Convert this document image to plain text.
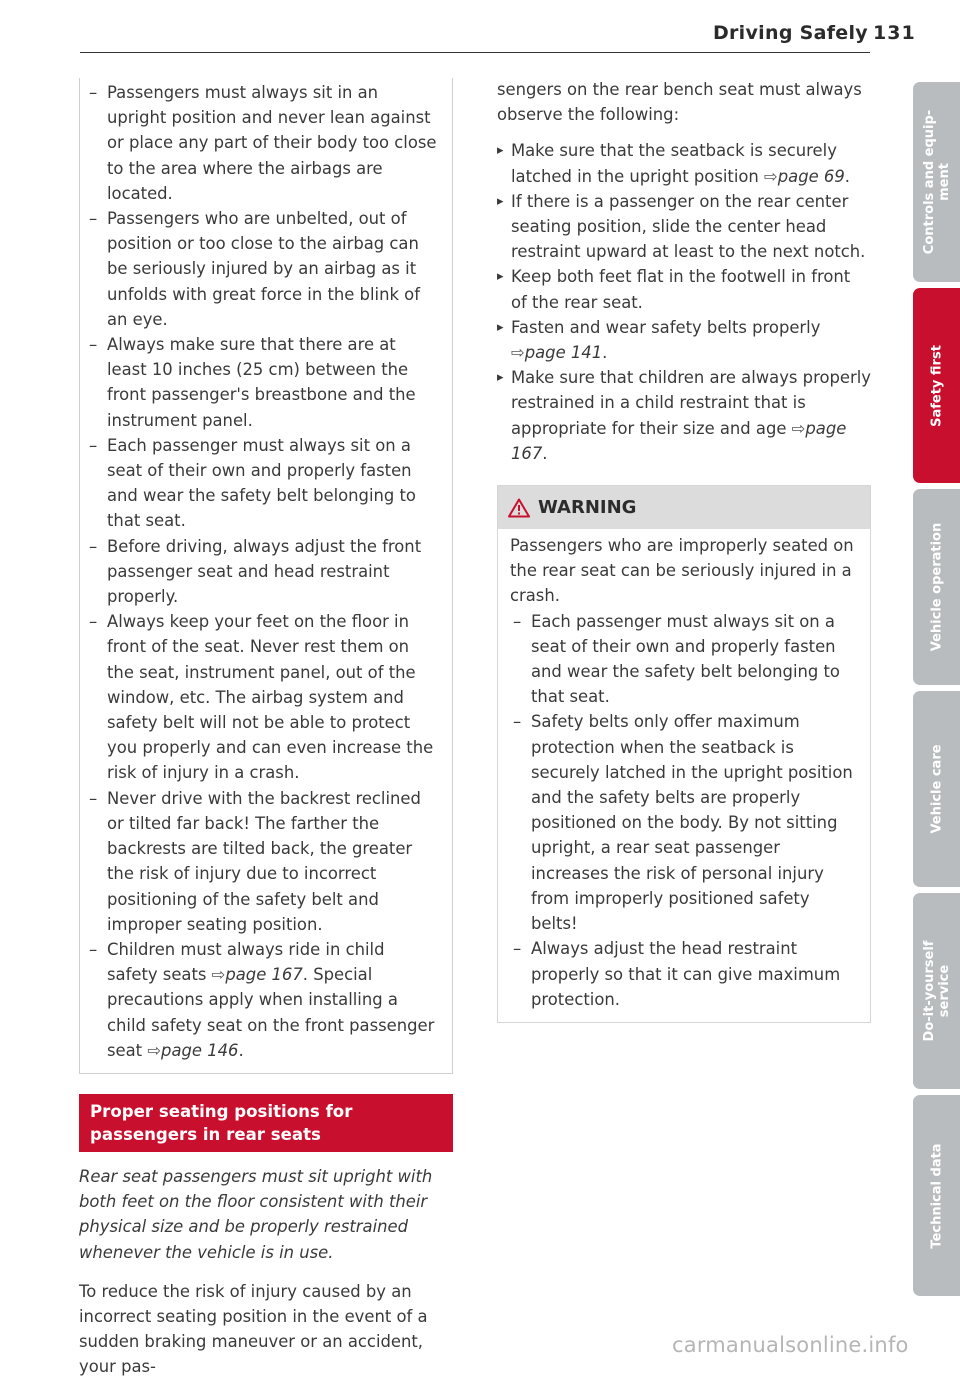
Driving Safely 131
– Passengers must always sit in an upright position and never lean against or place any part of their body too close to the area where the airbags are located.
– Passengers who are unbelted, out of position or too close to the airbag can be seriously injured by an airbag as it unfolds with great force in the blink of an eye.
– Always make sure that there are at least 10 inches (25 cm) between the front passenger's breastbone and the instrument panel.
– Each passenger must always sit on a seat of their own and properly fasten and wear the safety belt belonging to that seat.
– Before driving, always adjust the front passenger seat and head restraint properly.
– Always keep your feet on the floor in front of the seat. Never rest them on the seat, instrument panel, out of the window, etc. The airbag system and safety belt will not be able to protect you properly and can even increase the risk of injury in a crash.
– Never drive with the backrest reclined or tilted far back! The farther the backrests are tilted back, the greater the risk of injury due to incorrect positioning of the safety belt and improper seating position.
– Children must always ride in child safety seats ⇨page 167. Special precautions apply when installing a child safety seat on the front passenger seat ⇨page 146.
Proper seating positions for passengers in rear seats

Rear seat passengers must sit upright with both feet on the floor consistent with their physical size and be properly restrained whenever the vehicle is in use.

To reduce the risk of injury caused by an incorrect seating position in the event of a sudden braking maneuver or an accident, your pas-

sengers on the rear bench seat must always observe the following:

▸ Make sure that the seatback is securely latched in the upright position ⇨page 69.
▸ If there is a passenger on the rear center seating position, slide the center head restraint upward at least to the next notch.
▸ Keep both feet flat in the footwell in front of the rear seat.
▸ Fasten and wear safety belts properly
⇨page 141.
▸ Make sure that children are always properly restrained in a child restraint that is appropriate for their size and age ⇨page 167.
WARNING

Passengers who are improperly seated on the rear seat can be seriously injured in a crash.

– Each passenger must always sit on a seat of their own and properly fasten and wear the safety belt belonging to that seat.
– Safety belts only offer maximum protection when the seatback is securely latched in the upright position and the safety belts are properly positioned on the body. By not sitting upright, a rear seat passenger increases the risk of personal injury from improperly positioned safety belts!
– Always adjust the head restraint properly so that it can give maximum protection.
Controls and equip-
ment
Safety first
Vehicle operation
Vehicle care
Do-it-yourself
service
Technical data
carmanualsonline.info
